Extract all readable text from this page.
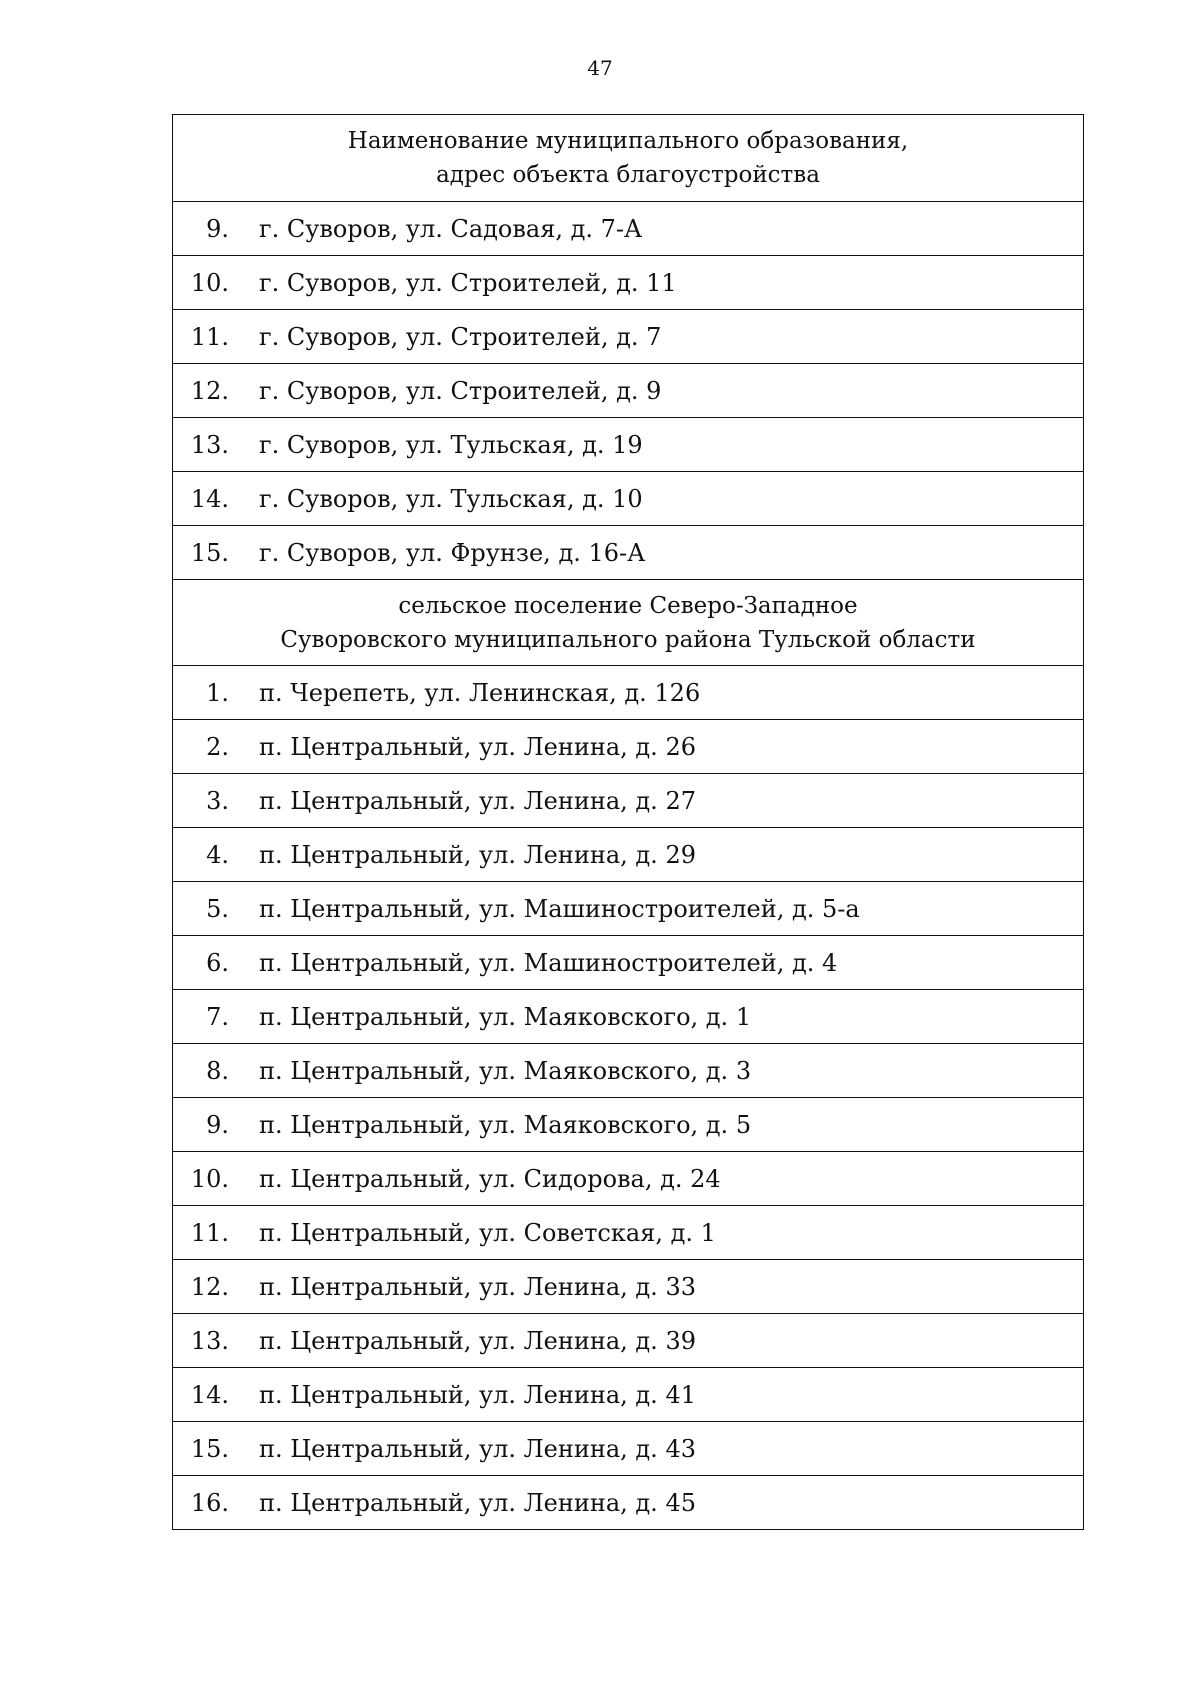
47
Наименование муниципального образования,
адрес объекта благоустройства

9. г. Суворов, ул. Садовая, д. 7-А
10. г. Суворов, ул. Строителей, д. 11
11. г. Суворов, ул. Строителей, д. 7
12. г. Суворов, ул. Строителей, д. 9
13. г. Суворов, ул. Тульская, д. 19
14. г. Суворов, ул. Тульская, д. 10
15. г. Суворов, ул. Фрунзе, д. 16-А

сельское поселение Северо-Западное
Суворовского муниципального района Тульской области

1. п. Черепеть, ул. Ленинская, д. 126
2. п. Центральный, ул. Ленина, д. 26
3. п. Центральный, ул. Ленина, д. 27
4. п. Центральный, ул. Ленина, д. 29
5. п. Центральный, ул. Машиностроителей, д. 5-а
6. п. Центральный, ул. Машиностроителей, д. 4
7. п. Центральный, ул. Маяковского, д. 1
8. п. Центральный, ул. Маяковского, д. 3
9. п. Центральный, ул. Маяковского, д. 5
10. п. Центральный, ул. Сидорова, д. 24
11. п. Центральный, ул. Советская, д. 1
12. п. Центральный, ул. Ленина, д. 33
13. п. Центральный, ул. Ленина, д. 39
14. п. Центральный, ул. Ленина, д. 41
15. п. Центральный, ул. Ленина, д. 43
16. п. Центральный, ул. Ленина, д. 45
